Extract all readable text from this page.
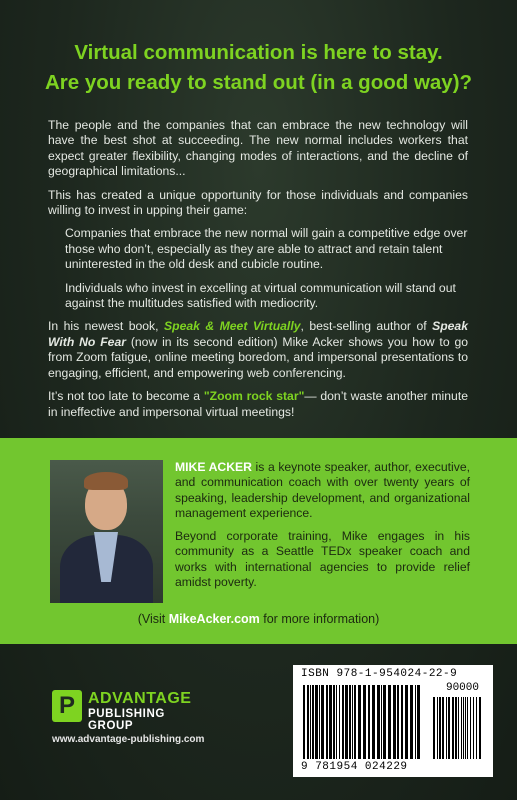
Virtual communication is here to stay.
Are you ready to stand out (in a good way)?

The people and the companies that can embrace the new technology will have the best shot at succeeding. The new normal includes workers that expect greater flexibility, changing modes of interactions, and the decline of geographical limitations...

This has created a unique opportunity for those individuals and companies willing to invest in upping their game:

Companies that embrace the new normal will gain a competitive edge over those who don’t, especially as they are able to attract and retain talent uninterested in the old desk and cubicle routine.

Individuals who invest in excelling at virtual communication will stand out against the multitudes satisfied with mediocrity.

In his newest book, Speak & Meet Virtually, best-selling author of Speak With No Fear (now in its second edition) Mike Acker shows you how to go from Zoom fatigue, online meeting boredom, and impersonal presentations to engaging, efficient, and empowering web conferencing.

It’s not too late to become a "Zoom rock star"— don’t waste another minute in ineffective and impersonal virtual meetings!

MIKE ACKER is a keynote speaker, author, executive, and communication coach with over twenty years of speaking, leadership development, and organizational management experience.

Beyond corporate training, Mike engages in his community as a Seattle TEDx speaker coach and works with international agencies to provide relief amidst poverty.

(Visit MikeAcker.com for more information)
P ADVANTAGE
PUBLISHING GROUP
www.advantage-publishing.com
ISBN 978-1-954024-22-9
90000
9 781954 024229
